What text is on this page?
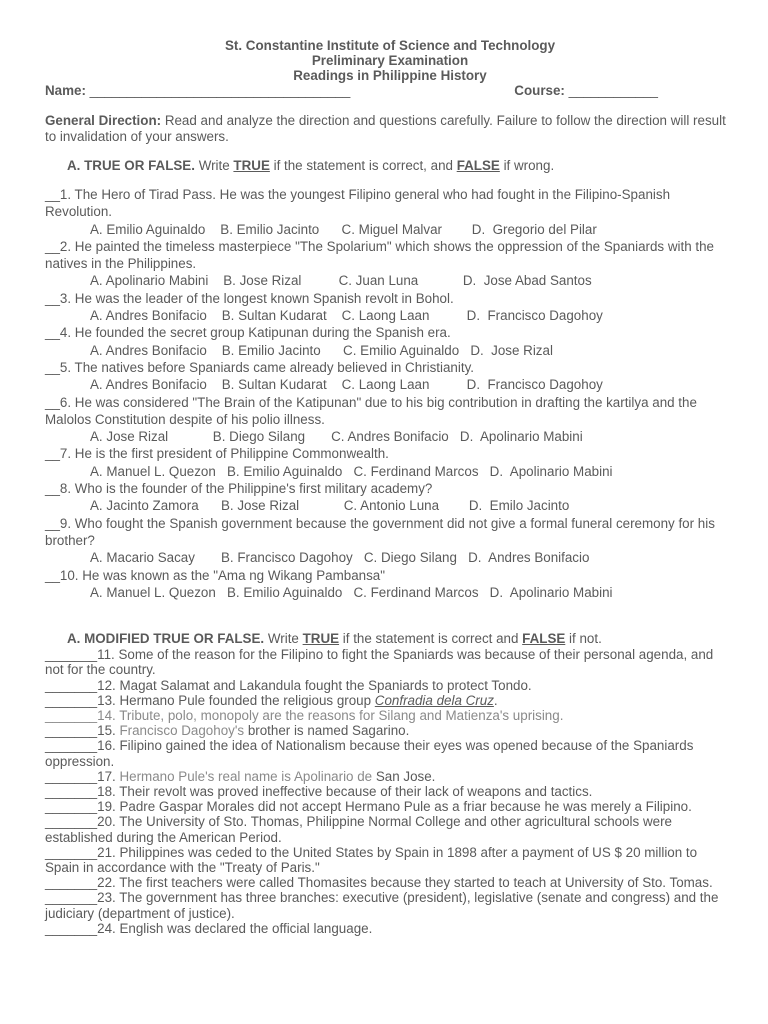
St. Constantine Institute of Science and Technology
Preliminary Examination
Readings in Philippine History
Name: ___________________________________	Course: ____________
General Direction: Read and analyze the direction and questions carefully. Failure to follow the direction will result to invalidation of your answers.
A. TRUE OR FALSE. Write TRUE if the statement is correct, and FALSE if wrong.
__1. The Hero of Tirad Pass. He was the youngest Filipino general who had fought in the Filipino-Spanish Revolution.
A. Emilio Aguinaldo    B. Emilio Jacinto      C. Miguel Malvar        D.  Gregorio del Pilar
__2. He painted the timeless masterpiece "The Spolarium" which shows the oppression of the Spaniards with the natives in the Philippines.
A. Apolinario Mabini    B. Jose Rizal          C. Juan Luna            D.  Jose Abad Santos
__3. He was the leader of the longest known Spanish revolt in Bohol.
A. Andres Bonifacio    B. Sultan Kudarat    C. Laong Laan          D.  Francisco Dagohoy
__4. He founded the secret group Katipunan during the Spanish era.
A. Andres Bonifacio    B. Emilio Jacinto      C. Emilio Aguinaldo   D.  Jose Rizal
__5. The natives before Spaniards came already believed in Christianity.
A. Andres Bonifacio    B. Sultan Kudarat    C. Laong Laan          D.  Francisco Dagohoy
__6. He was considered "The Brain of the Katipunan" due to his big contribution in drafting the kartilya and the Malolos Constitution despite of his polio illness.
A. Jose Rizal            B. Diego Silang       C. Andres Bonifacio   D.  Apolinario Mabini
__7. He is the first president of Philippine Commonwealth.
A. Manuel L. Quezon   B. Emilio Aguinaldo   C. Ferdinand Marcos   D.  Apolinario Mabini
__8. Who is the founder of the Philippine's first military academy?
A. Jacinto Zamora      B. Jose Rizal            C. Antonio Luna        D.  Emilo Jacinto
__9. Who fought the Spanish government because the government did not give a formal funeral ceremony for his brother?
A. Macario Sacay       B. Francisco Dagohoy   C. Diego Silang   D.  Andres Bonifacio
__10. He was known as the "Ama ng Wikang Pambansa"
A. Manuel L. Quezon   B. Emilio Aguinaldo   C. Ferdinand Marcos   D.  Apolinario Mabini
A. MODIFIED TRUE OR FALSE. Write TRUE if the statement is correct and FALSE if not.
_______11. Some of the reason for the Filipino to fight the Spaniards was because of their personal agenda, and not for the country.
_______12. Magat Salamat and Lakandula fought the Spaniards to protect Tondo.
_______13. Hermano Pule founded the religious group Confradia dela Cruz.
_______14. Tribute, polo, monopoly are the reasons for Silang and Matienza's uprising.
_______15. Francisco Dagohoy's brother is named Sagarino.
_______16. Filipino gained the idea of Nationalism because their eyes was opened because of the Spaniards oppression.
_______17. Hermano Pule's real name is Apolinario de San Jose.
_______18. Their revolt was proved ineffective because of their lack of weapons and tactics.
_______19. Padre Gaspar Morales did not accept Hermano Pule as a friar because he was merely a Filipino.
_______20. The University of Sto. Thomas, Philippine Normal College and other agricultural schools were established during the American Period.
_______21. Philippines was ceded to the United States by Spain in 1898 after a payment of US $ 20 million to Spain in accordance with the "Treaty of Paris."
_______22. The first teachers were called Thomasites because they started to teach at University of Sto. Tomas.
_______23. The government has three branches: executive (president), legislative (senate and congress) and the judiciary (department of justice).
_______24. English was declared the official language.
